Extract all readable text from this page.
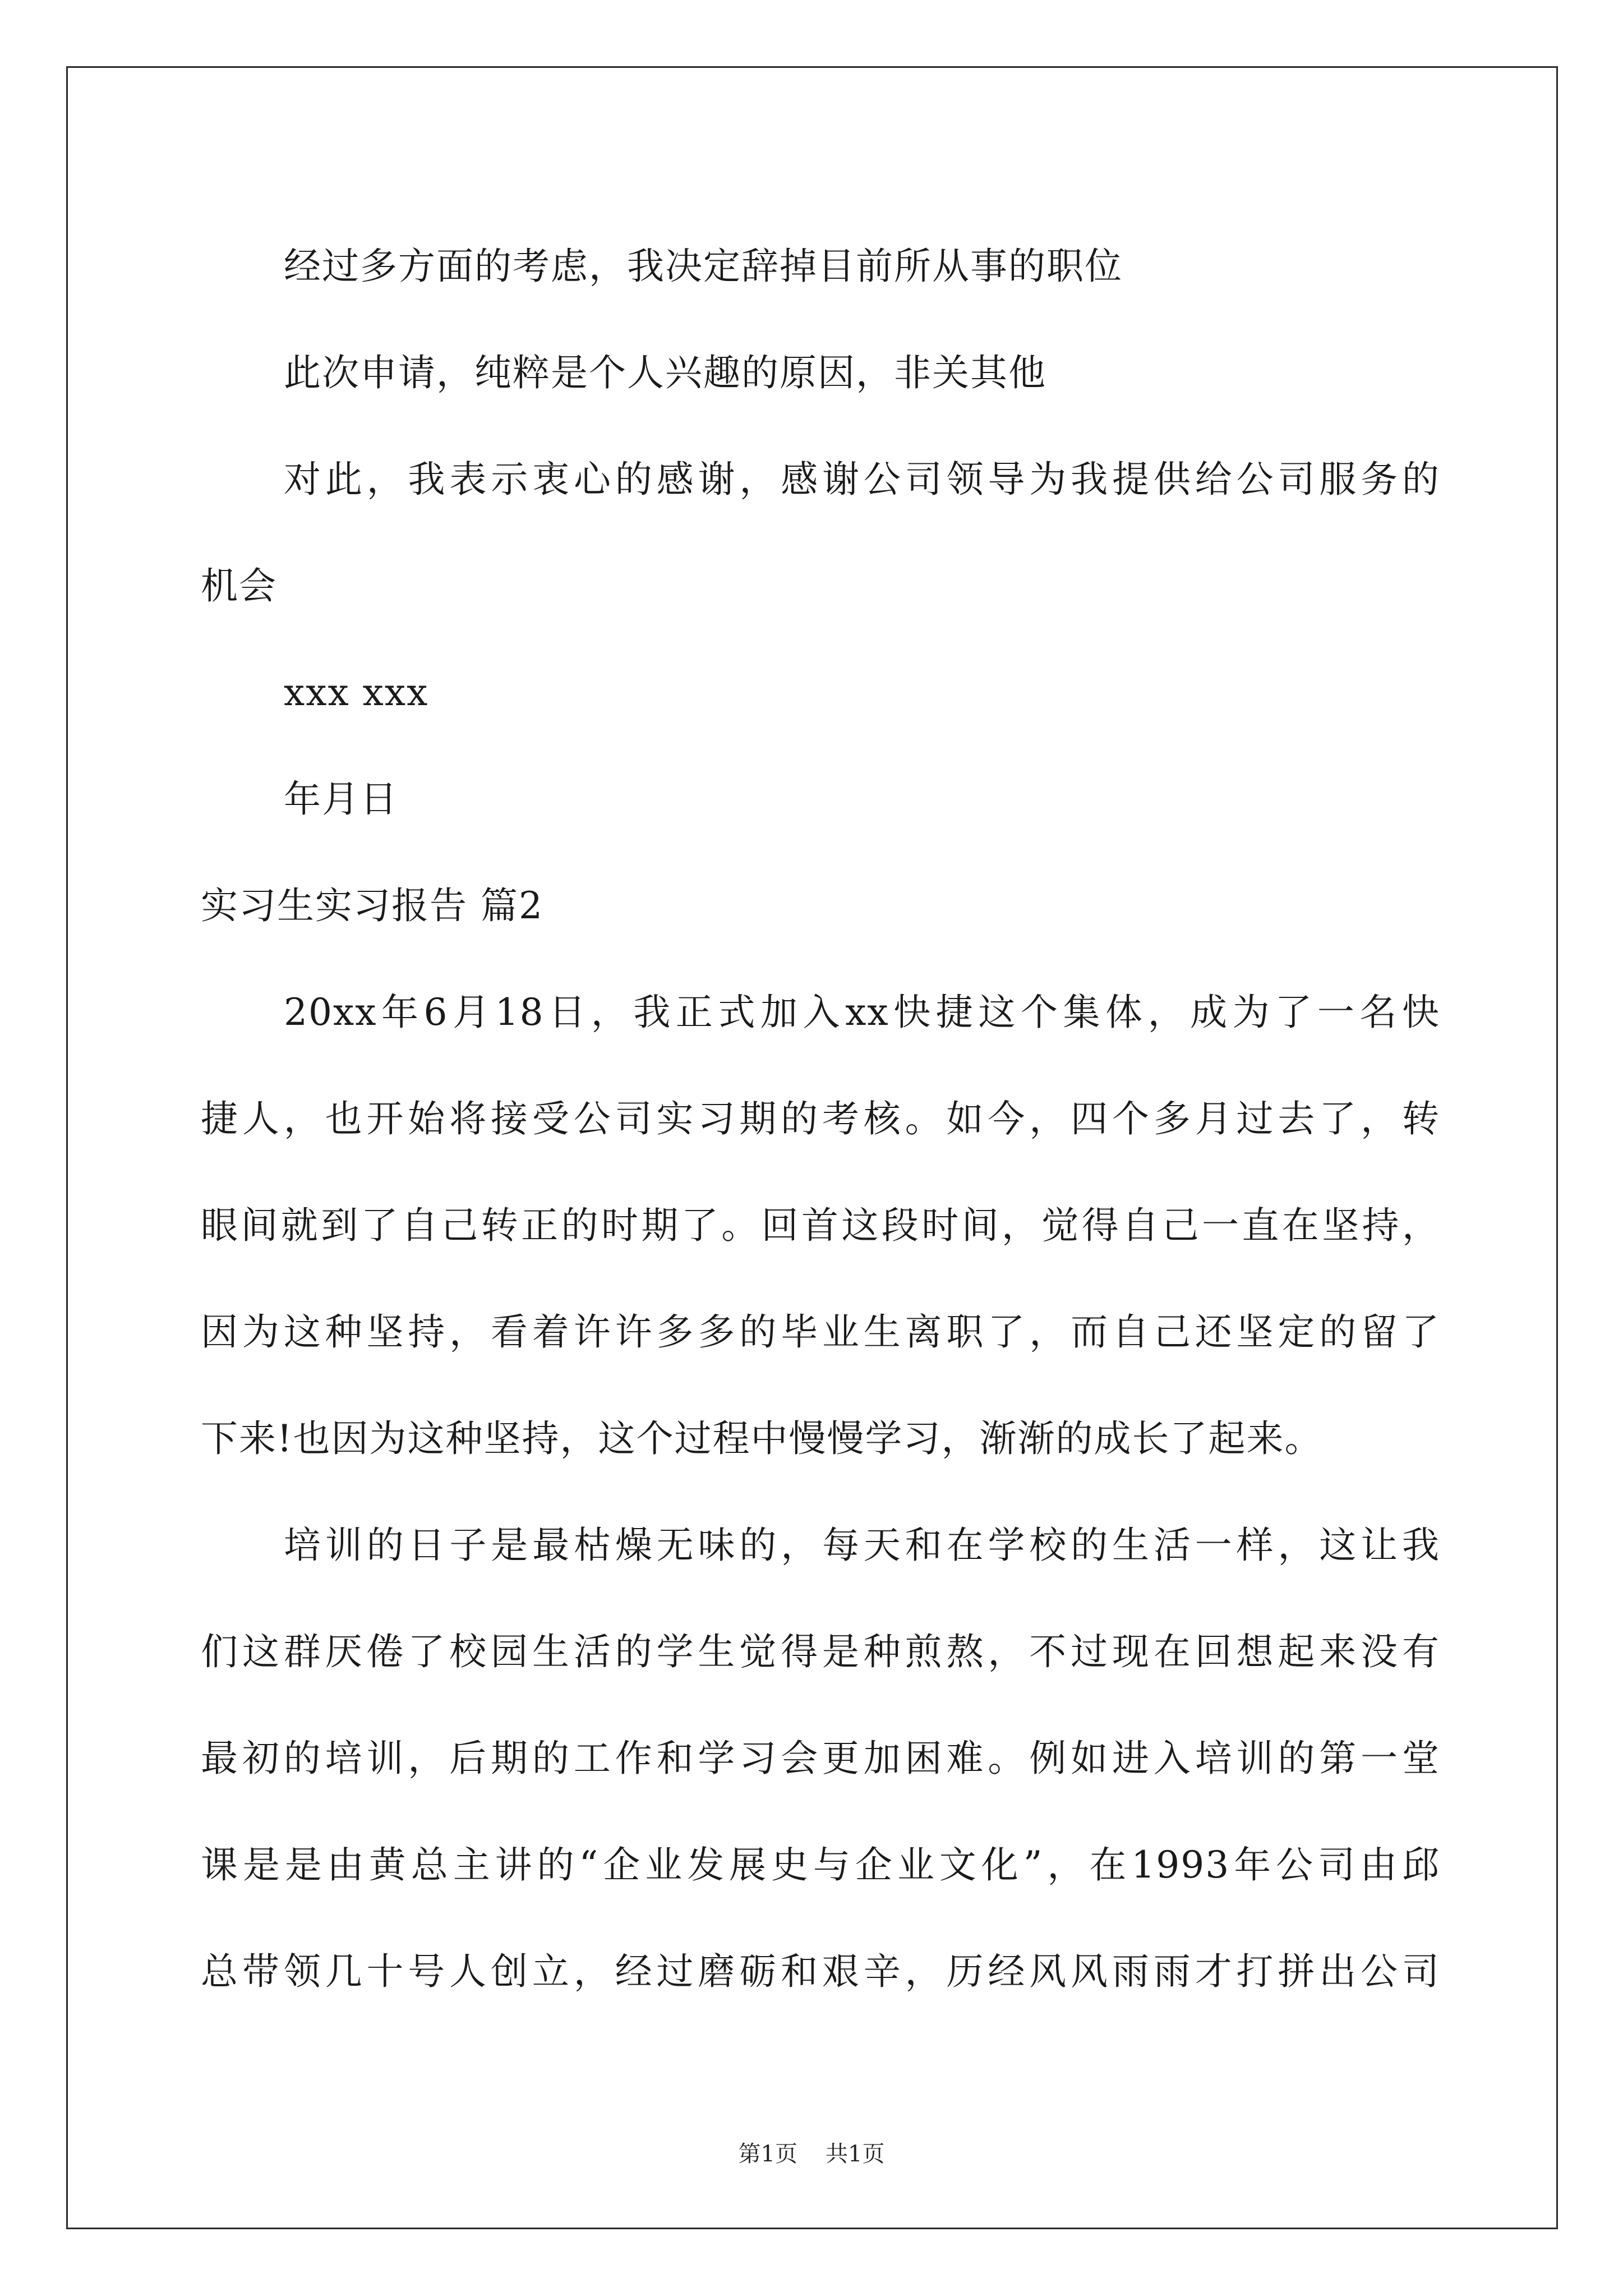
经过多方面的考虑，我决定辞掉目前所从事的职位
此次申请，纯粹是个人兴趣的原因，非关其他
对此，我表示衷心的感谢，感谢公司领导为我提供给公司服务的
机会
xxx xxx
年月日
实习生实习报告 篇2
20xx年6月18日，我正式加入xx快捷这个集体，成为了一名快
捷人，也开始将接受公司实习期的考核。如今，四个多月过去了，转
眼间就到了自己转正的时期了。回首这段时间，觉得自己一直在坚持，
因为这种坚持，看着许许多多的毕业生离职了，而自己还坚定的留了
下来!也因为这种坚持，这个过程中慢慢学习，渐渐的成长了起来。
培训的日子是最枯燥无味的，每天和在学校的生活一样，这让我
们这群厌倦了校园生活的学生觉得是种煎熬，不过现在回想起来没有
最初的培训，后期的工作和学习会更加困难。例如进入培训的第一堂
课是是由黄总主讲的“企业发展史与企业文化”，在1993年公司由邱
总带领几十号人创立，经过磨砺和艰辛，历经风风雨雨才打拼出公司
第1页 共1页
